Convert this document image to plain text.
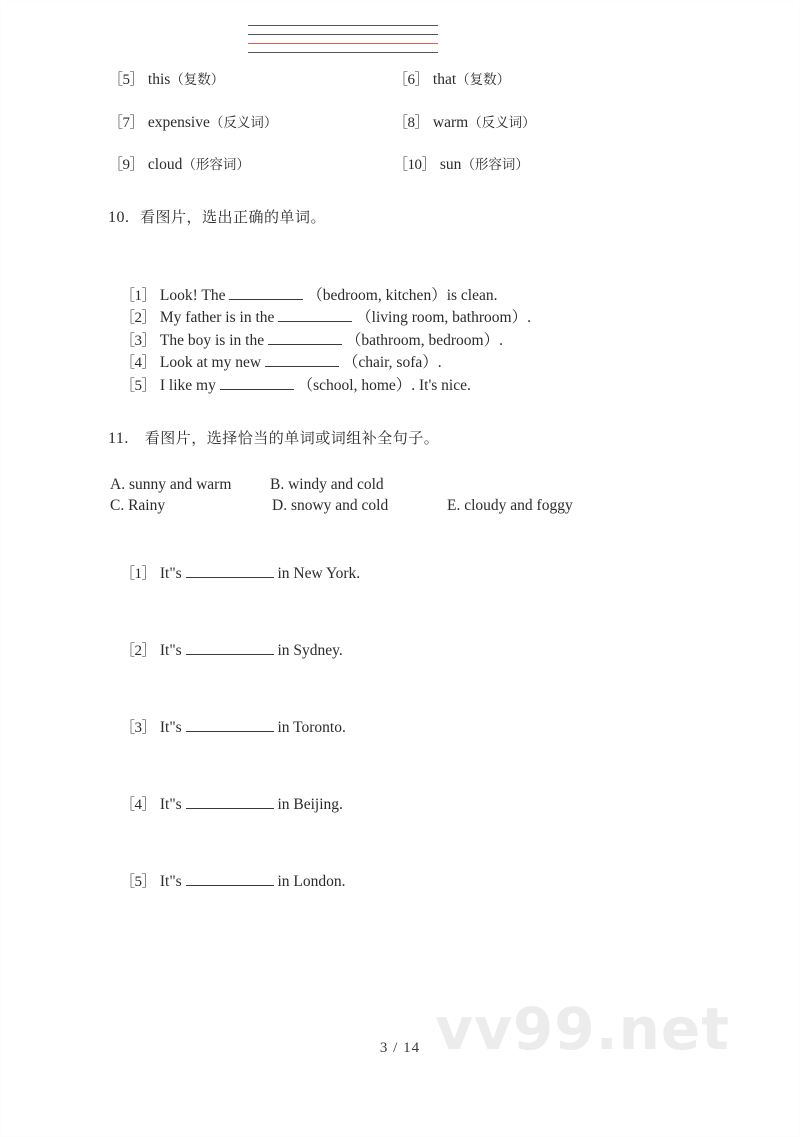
［5］ this（复数）	［6］ that（复数）
［7］ expensive（反义词）	［8］ warm（反义词）
［9］ cloud（形容词）	［10］ sun（形容词）
10. 看图片，选出正确的单词。
［1］ Look! The	（bedroom, kitchen）is clean.
［2］ My father is in the	（living room, bathroom）.
［3］ The boy is in the	（bathroom, bedroom）.
［4］ Look at my new	（chair, sofa）.
［5］ I like my	（school, home）. It's nice.
11. 看图片，选择恰当的单词或词组补全句子。
A. sunny and warm B. windy and cold
C. Rainy	D. snowy and cold	E. cloudy and foggy
［1］ It"s	in New York.
［2］ It"s	in Sydney.
［3］ It"s	in Toronto.
［4］ It"s	in Beijing.
［5］ It"s	in London.
vv99.net
3 / 14
